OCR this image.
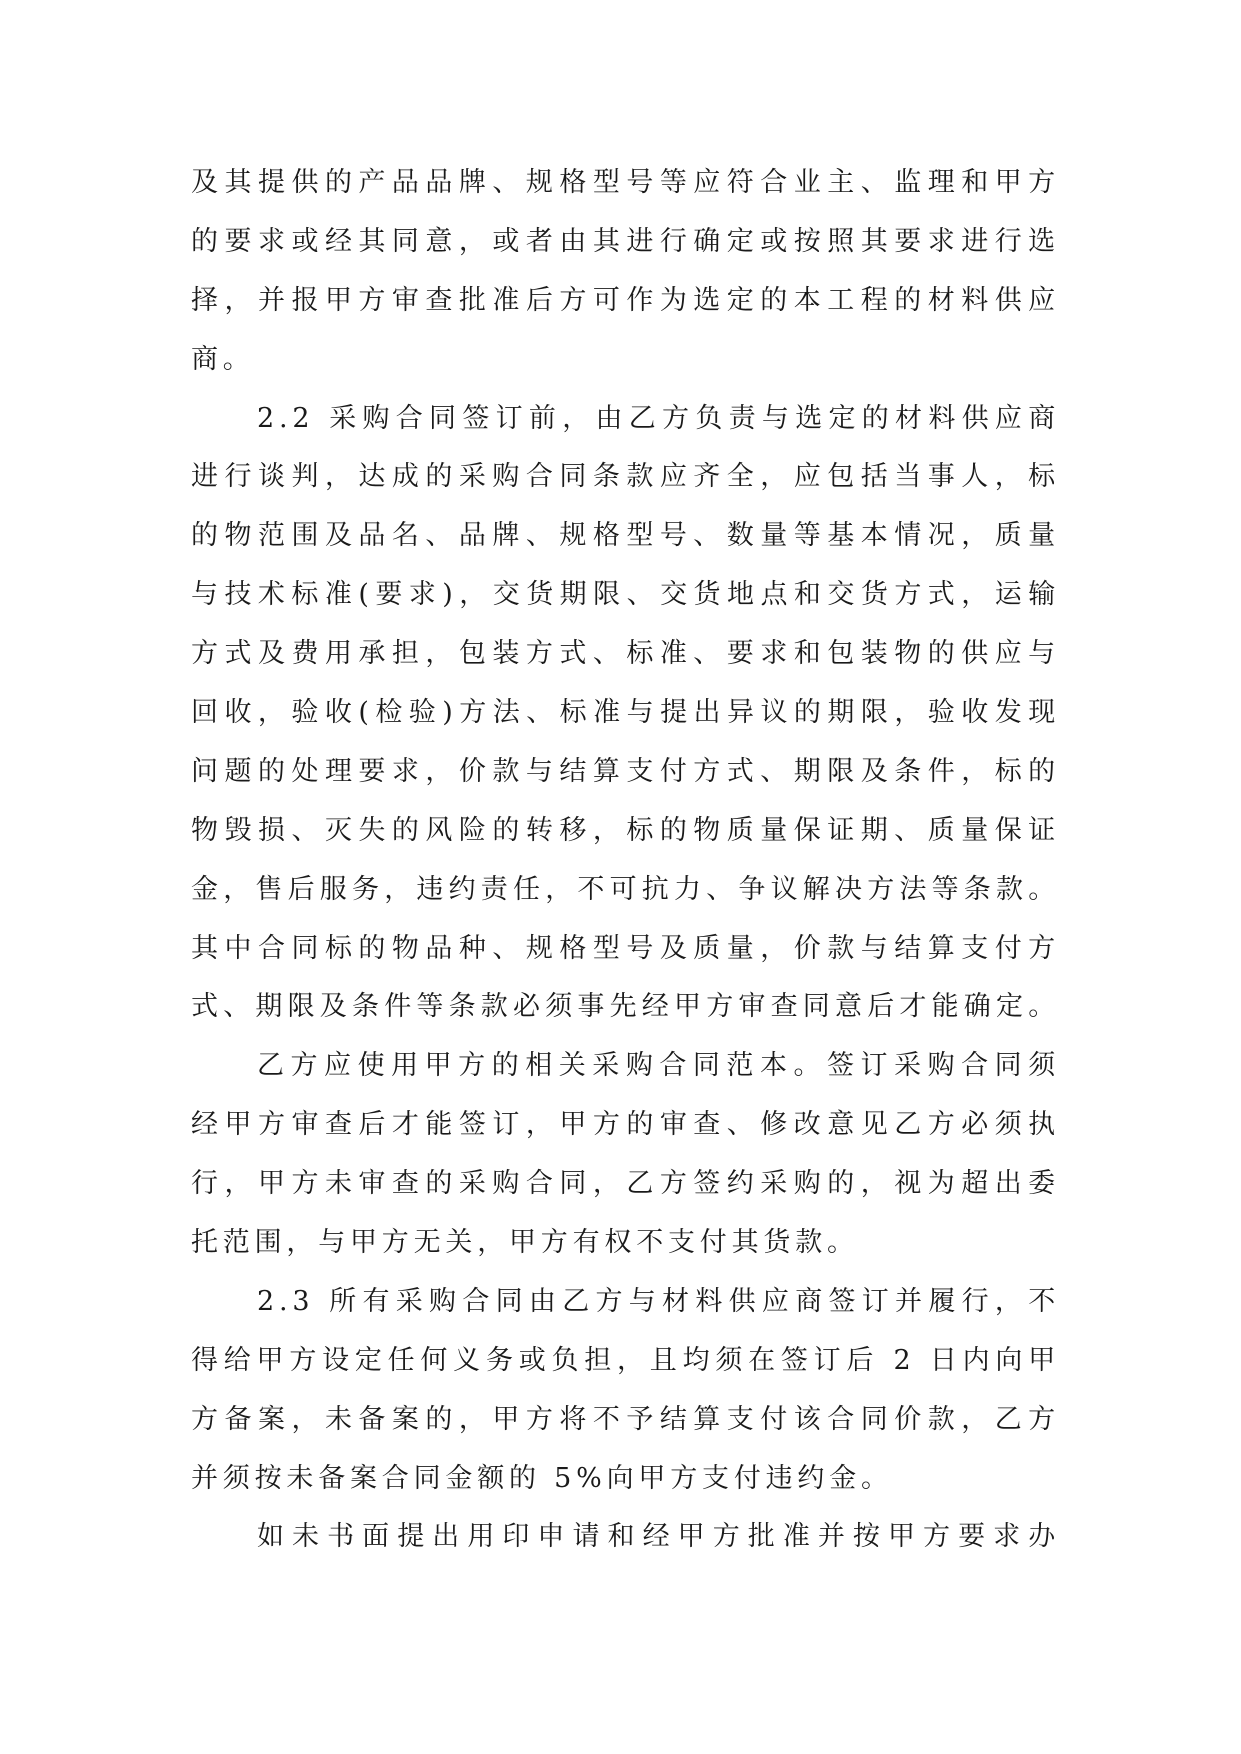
及其提供的产品品牌、规格型号等应符合业主、监理和甲方
的要求或经其同意，或者由其进行确定或按照其要求进行选
择，并报甲方审查批准后方可作为选定的本工程的材料供应
商。
2.2 采购合同签订前，由乙方负责与选定的材料供应商
进行谈判，达成的采购合同条款应齐全，应包括当事人，标
的物范围及品名、品牌、规格型号、数量等基本情况，质量
与技术标准(要求)，交货期限、交货地点和交货方式，运输
方式及费用承担，包装方式、标准、要求和包装物的供应与
回收，验收(检验)方法、标准与提出异议的期限，验收发现
问题的处理要求，价款与结算支付方式、期限及条件，标的
物毁损、灭失的风险的转移，标的物质量保证期、质量保证
金，售后服务，违约责任，不可抗力、争议解决方法等条款。
其中合同标的物品种、规格型号及质量，价款与结算支付方
式、期限及条件等条款必须事先经甲方审查同意后才能确定。
乙方应使用甲方的相关采购合同范本。签订采购合同须
经甲方审查后才能签订，甲方的审查、修改意见乙方必须执
行，甲方未审查的采购合同，乙方签约采购的，视为超出委
托范围，与甲方无关，甲方有权不支付其货款。
2.3 所有采购合同由乙方与材料供应商签订并履行，不
得给甲方设定任何义务或负担，且均须在签订后 2 日内向甲
方备案，未备案的，甲方将不予结算支付该合同价款，乙方
并须按未备案合同金额的 5%向甲方支付违约金。
如未书面提出用印申请和经甲方批准并按甲方要求办
